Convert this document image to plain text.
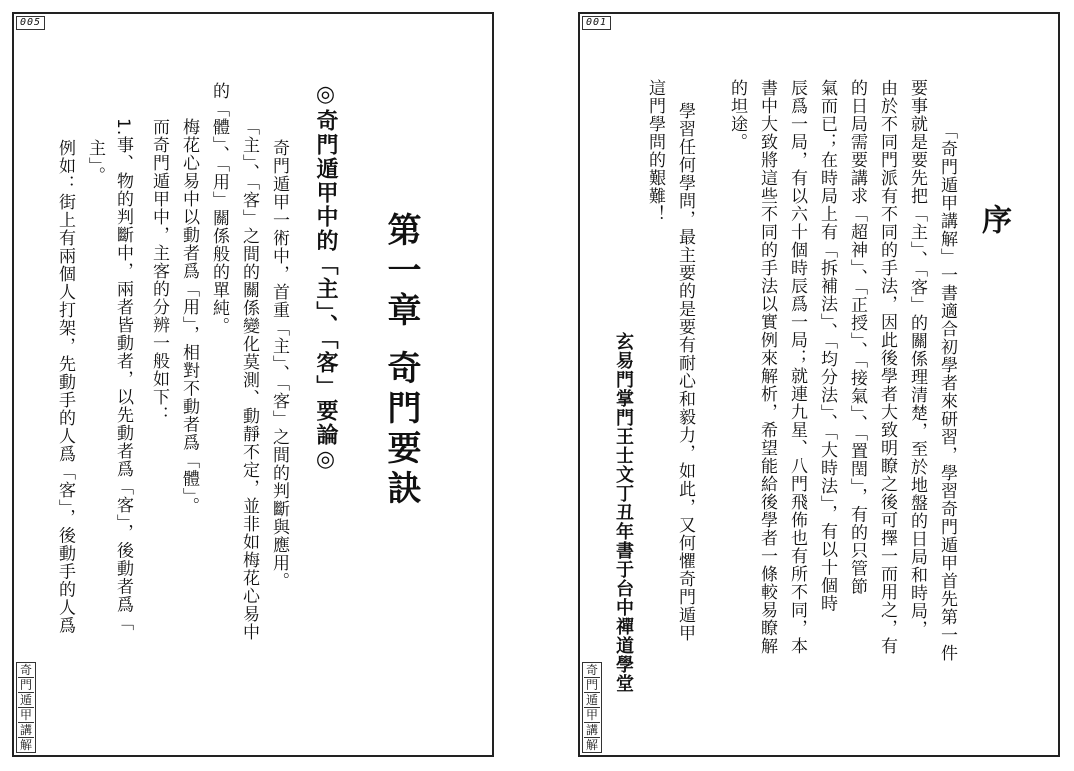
005
第一章 奇門要訣
◎奇門遁甲中的「主」、「客」要論◎
奇門遁甲一術中，首重「主」、「客」之間的判斷與應用。
「主」、「客」之間的關係變化莫測、動靜不定，並非如梅花心易中
的「體」、「用」關係般的單純。
梅花心易中以動者爲「用」，相對不動者爲「體」。
而奇門遁甲中，主客的分辨一般如下：
1.事、物的判斷中，兩者皆動者，以先動者爲「客」，後動者爲「
主」。
例如：街上有兩個人打架，先動手的人爲「客」，後動手的人爲
奇
門
遁
甲
講
解
001
序
「奇門遁甲講解」一書適合初學者來研習，學習奇門遁甲首先第一件
要事就是要先把「主」、「客」的關係理清楚，至於地盤的日局和時局，
由於不同門派有不同的手法，因此後學者大致明瞭之後可擇一而用之，有
的日局需要講求「超神」、「正授」、「接氣」、「置閏」，有的只管節
氣而已；在時局上有「拆補法」、「均分法」、「大時法」，有以十個時
辰爲一局，有以六十個時辰爲一局；就連九星、八門飛佈也有所不同，本
書中大致將這些不同的手法以實例來解析，希望能給後學者一條較易瞭解
的坦途。
學習任何學問，最主要的是要有耐心和毅力，如此，又何懼奇門遁甲
這門學問的艱難！
玄易門掌門王士文丁丑年書于台中禪道學堂
奇
門
遁
甲
講
解
